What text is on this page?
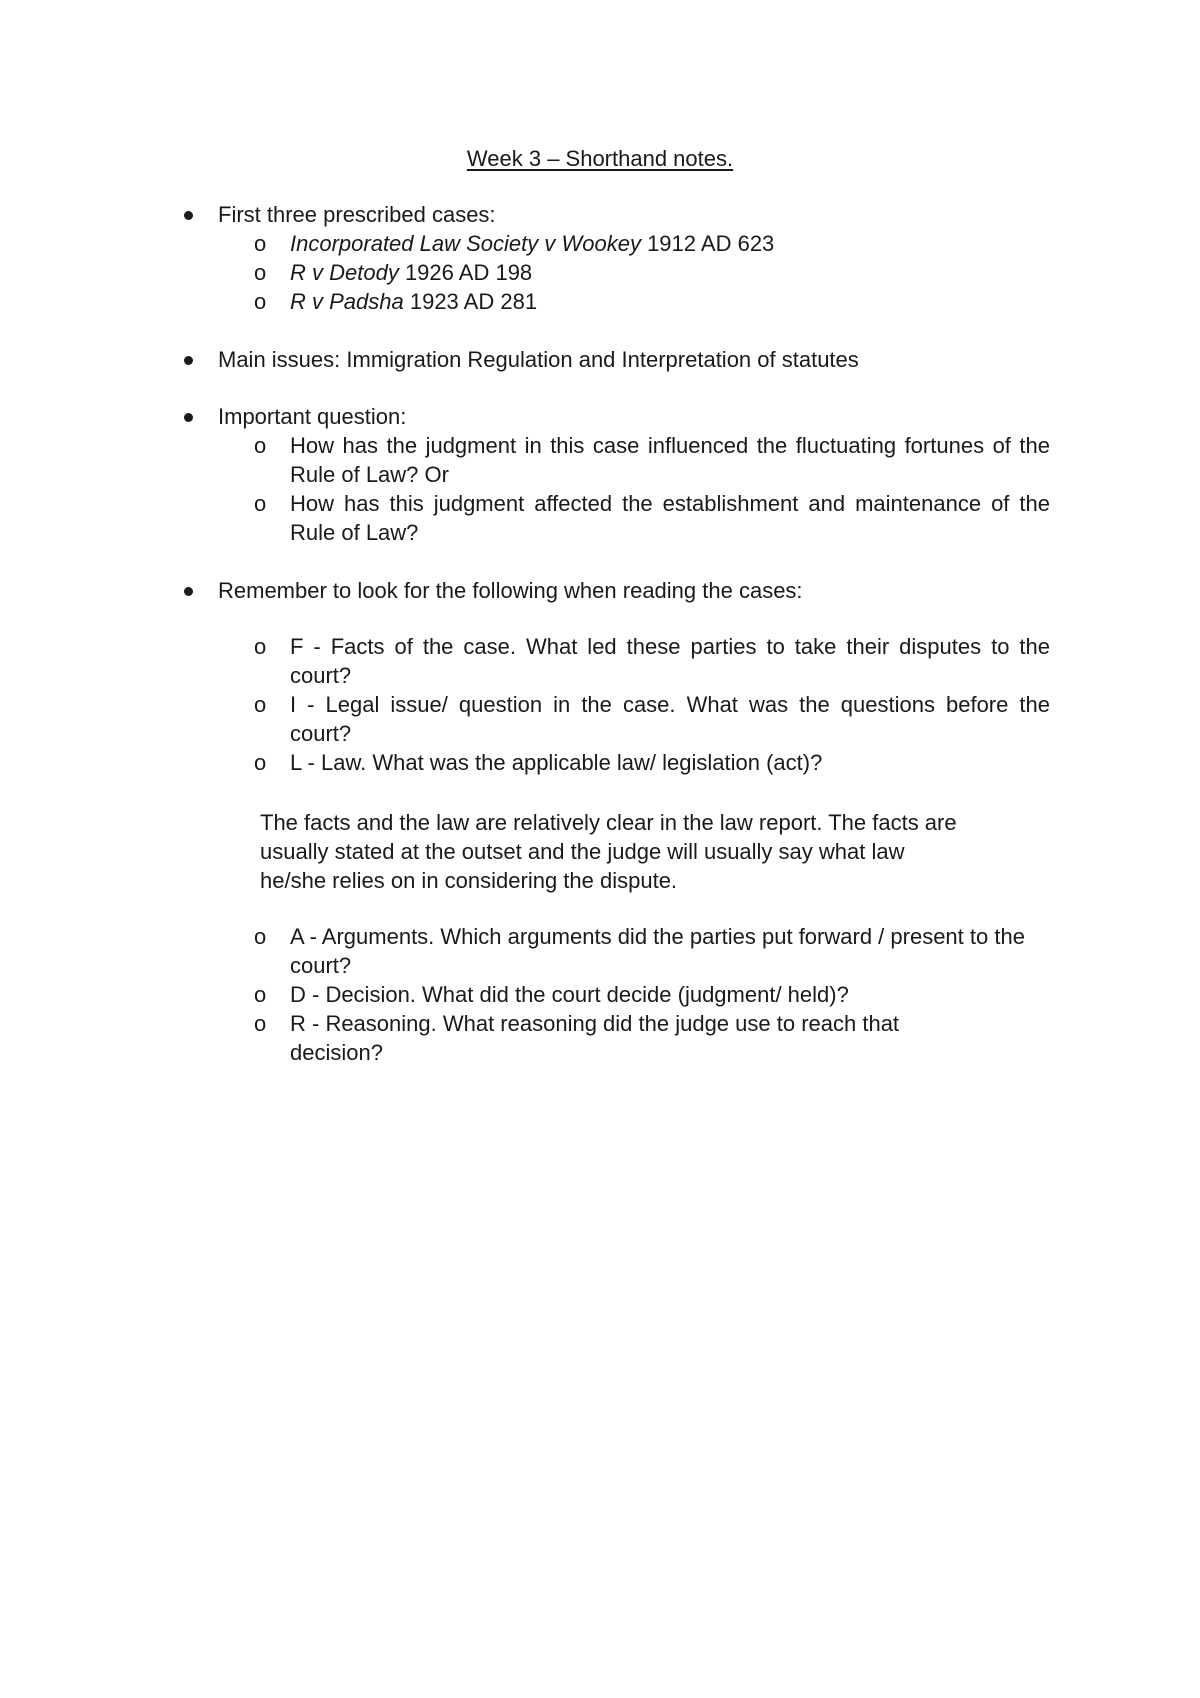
Week 3 – Shorthand notes.
First three prescribed cases:
o	Incorporated Law Society v Wookey 1912 AD 623
o	R v Detody 1926 AD 198
o	R v Padsha 1923 AD 281
Main issues: Immigration Regulation and Interpretation of statutes
Important question:
o	How has the judgment in this case influenced the fluctuating fortunes of the Rule of Law? Or
o	How has this judgment affected the establishment and maintenance of the Rule of Law?
Remember to look for the following when reading the cases:
o	F - Facts of the case. What led these parties to take their disputes to the court?
o	I - Legal issue/ question in the case. What was the questions before the court?
o	L - Law. What was the applicable law/ legislation (act)?
The facts and the law are relatively clear in the law report. The facts are usually stated at the outset and the judge will usually say what law he/she relies on in considering the dispute.
o	A - Arguments. Which arguments did the parties put forward / present to the court?
o	D - Decision. What did the court decide (judgment/ held)?
o	R - Reasoning. What reasoning did the judge use to reach that decision?
